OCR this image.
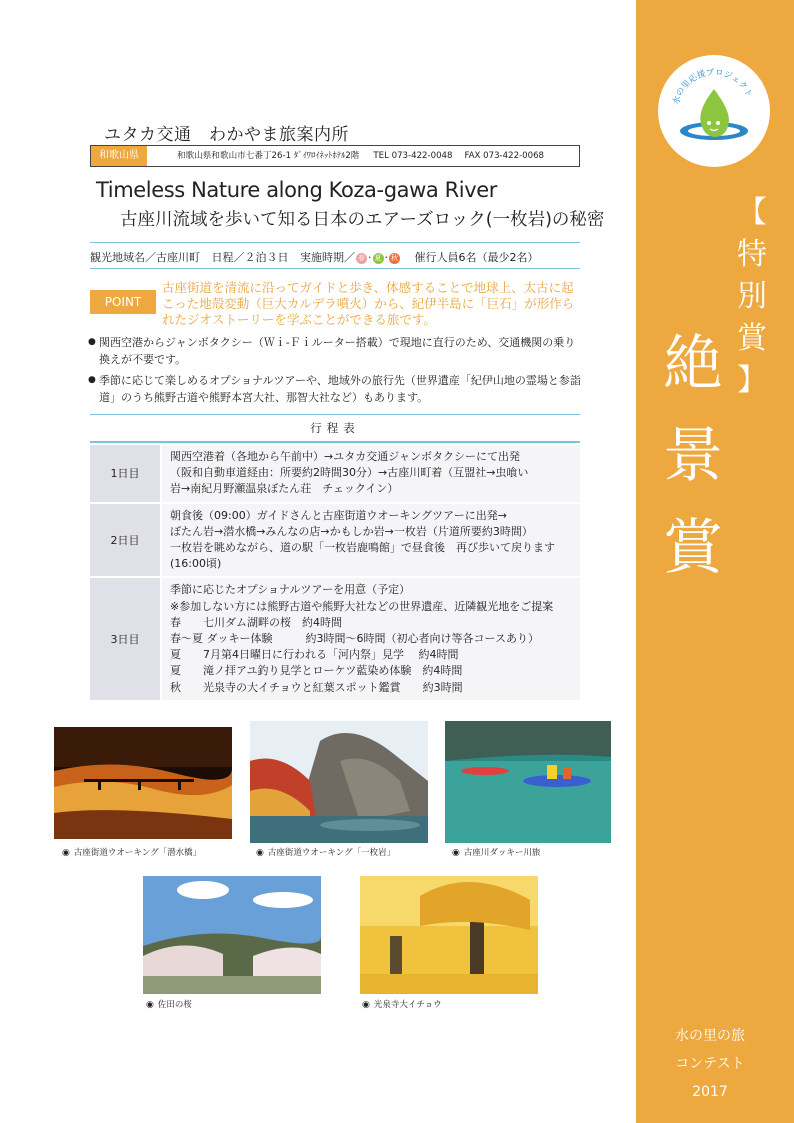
水の里応援プロジェクト
【
特
別
賞
】
絶
景
賞
水の里の旅
コンテスト
2017
ユタカ交通　わかやま旅案内所
和歌山県	和歌山県和歌山市七番丁26-1 ﾀﾞｲﾜﾛｲﾈｯﾄﾎﾃﾙ2階 TEL 073-422-0048 FAX 073-422-0068
Timeless Nature along Koza-gawa River
古座川流域を歩いて知る日本のエアーズロック(一枚岩)の秘密
観光地域名／古座川町 日程／２泊３日 実施時期／ 春 · 夏 · 秋 催行人員6名（最少2名）
POINT
古座街道を清流に沿ってガイドと歩き、体感することで地球上、太古に起こった地殻変動（巨大カルデラ噴火）から、紀伊半島に「巨石」が形作られたジオストーリーを学ぶことができる旅です。
● 関西空港からジャンボタクシー（Ｗｉ-Ｆｉルーター搭載）で現地に直行のため、交通機関の乗り換えが不要です。
● 季節に応じて楽しめるオプショナルツアーや、地域外の旅行先（世界遺産「紀伊山地の霊場と参詣道」のうち熊野古道や熊野本宮大社、那智大社など）もあります。
行程表
1日目
関西空港着（各地から午前中）→ユタカ交通ジャンボタクシーにて出発
（阪和自動車道経由：所要約2時間30分）→古座川町着（互盟社→虫喰い
岩→南紀月野瀬温泉ぼたん荘　チェックイン）
2日目
朝食後（09:00）ガイドさんと古座街道ウオーキングツアーに出発→
ぼたん岩→潜水橋→みんなの店→かもしか岩→一枚岩（片道所要約3時間）
一枚岩を眺めながら、道の駅「一枚岩鹿鳴館」で昼食後　再び歩いて戻ります
(16:00頃)
3日目
季節に応じたオプショナルツアーを用意（予定）
※参加しない方には熊野古道や熊野大社などの世界遺産、近隣観光地をご提案
春　　七川ダム湖畔の桜　約4時間
春～夏 ダッキー体験　　　約3時間～6時間（初心者向け等各コースあり）
夏　　7月第4日曜日に行われる「河内祭」見学　 約4時間
夏　　滝ノ拝アユ釣り見学とローケツ藍染め体験　約4時間
秋　　光泉寺の大イチョウと紅葉スポット鑑賞　　約3時間
◉ 古座街道ウオーキング「潜水橋」	◉ 古座街道ウオーキング「一枚岩」	◉ 古座川ダッキー川旅
◉ 佐田の桜	◉ 光泉寺大イチョウ
